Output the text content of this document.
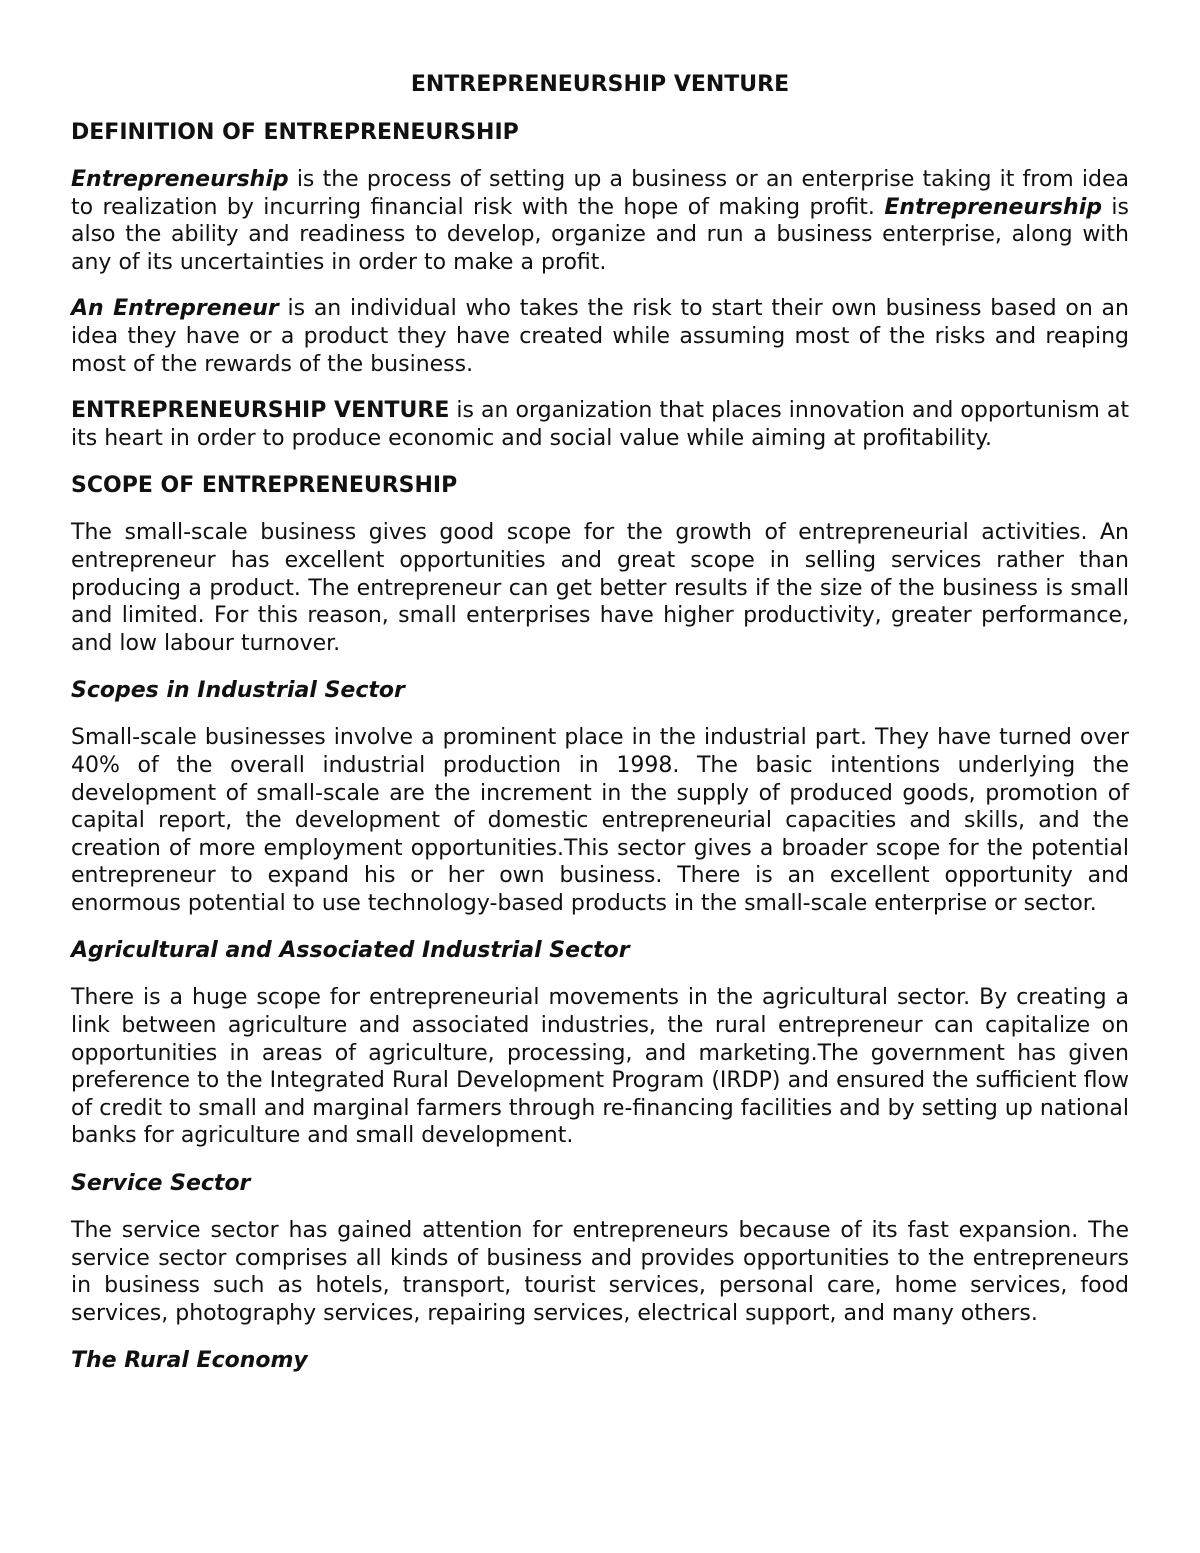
ENTREPRENEURSHIP VENTURE
DEFINITION OF ENTREPRENEURSHIP

Entrepreneurship is the process of setting up a business or an enterprise taking it from idea to realization by incurring financial risk with the hope of making profit. Entrepreneurship is also the ability and readiness to develop, organize and run a business enterprise, along with any of its uncertainties in order to make a profit.

An Entrepreneur is an individual who takes the risk to start their own business based on an idea they have or a product they have created while assuming most of the risks and reaping most of the rewards of the business.

ENTREPRENEURSHIP VENTURE is an organization that places innovation and opportunism at its heart in order to produce economic and social value while aiming at profitability.

SCOPE OF ENTREPRENEURSHIP

The small-scale business gives good scope for the growth of entrepreneurial activities. An entrepreneur has excellent opportunities and great scope in selling services rather than producing a product. The entrepreneur can get better results if the size of the business is small and limited. For this reason, small enterprises have higher productivity, greater performance, and low labour turnover.

Scopes in Industrial Sector

Small-scale businesses involve a prominent place in the industrial part. They have turned over 40% of the overall industrial production in 1998. The basic intentions underlying the development of small-scale are the increment in the supply of produced goods, promotion of capital report, the development of domestic entrepreneurial capacities and skills, and the creation of more employment opportunities.This sector gives a broader scope for the potential entrepreneur to expand his or her own business. There is an excellent opportunity and enormous potential to use technology-based products in the small-scale enterprise or sector.

Agricultural and Associated Industrial Sector

There is a huge scope for entrepreneurial movements in the agricultural sector. By creating a link between agriculture and associated industries, the rural entrepreneur can capitalize on opportunities in areas of agriculture, processing, and marketing.The government has given preference to the Integrated Rural Development Program (IRDP) and ensured the sufficient flow of credit to small and marginal farmers through re-financing facilities and by setting up national banks for agriculture and small development.

Service Sector

The service sector has gained attention for entrepreneurs because of its fast expansion. The service sector comprises all kinds of business and provides opportunities to the entrepreneurs in business such as hotels, transport, tourist services, personal care, home services, food services, photography services, repairing services, electrical support, and many others.

The Rural Economy
